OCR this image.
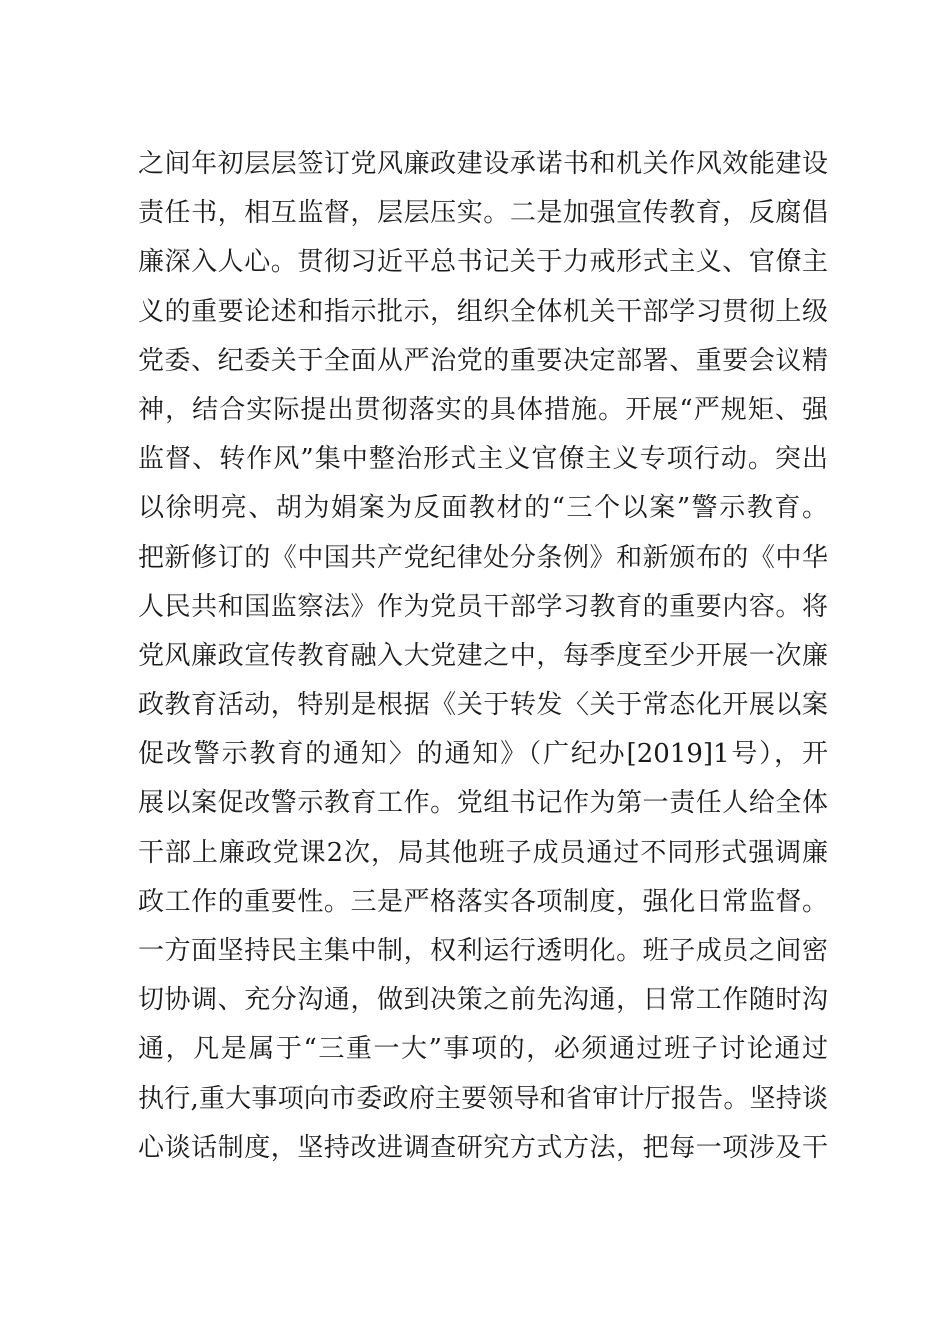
之间年初层层签订党风廉政建设承诺书和机关作风效能建设
责任书，相互监督，层层压实。二是加强宣传教育，反腐倡
廉深入人心。贯彻习近平总书记关于力戒形式主义、官僚主
义的重要论述和指示批示，组织全体机关干部学习贯彻上级
党委、纪委关于全面从严治党的重要决定部署、重要会议精
神，结合实际提出贯彻落实的具体措施。开展“严规矩、强
监督、转作风”集中整治形式主义官僚主义专项行动。突出
以徐明亮、胡为娟案为反面教材的“三个以案”警示教育。
把新修订的《中国共产党纪律处分条例》和新颁布的《中华
人民共和国监察法》作为党员干部学习教育的重要内容。将
党风廉政宣传教育融入大党建之中，每季度至少开展一次廉
政教育活动，特别是根据《关于转发〈关于常态化开展以案
促改警示教育的通知〉的通知》（广纪办[2019]1号），开
展以案促改警示教育工作。党组书记作为第一责任人给全体
干部上廉政党课2次，局其他班子成员通过不同形式强调廉
政工作的重要性。三是严格落实各项制度，强化日常监督。
一方面坚持民主集中制，权利运行透明化。班子成员之间密
切协调、充分沟通，做到决策之前先沟通，日常工作随时沟
通，凡是属于“三重一大”事项的，必须通过班子讨论通过
执行,重大事项向市委政府主要领导和省审计厅报告。坚持谈
心谈话制度，坚持改进调查研究方式方法，把每一项涉及干
